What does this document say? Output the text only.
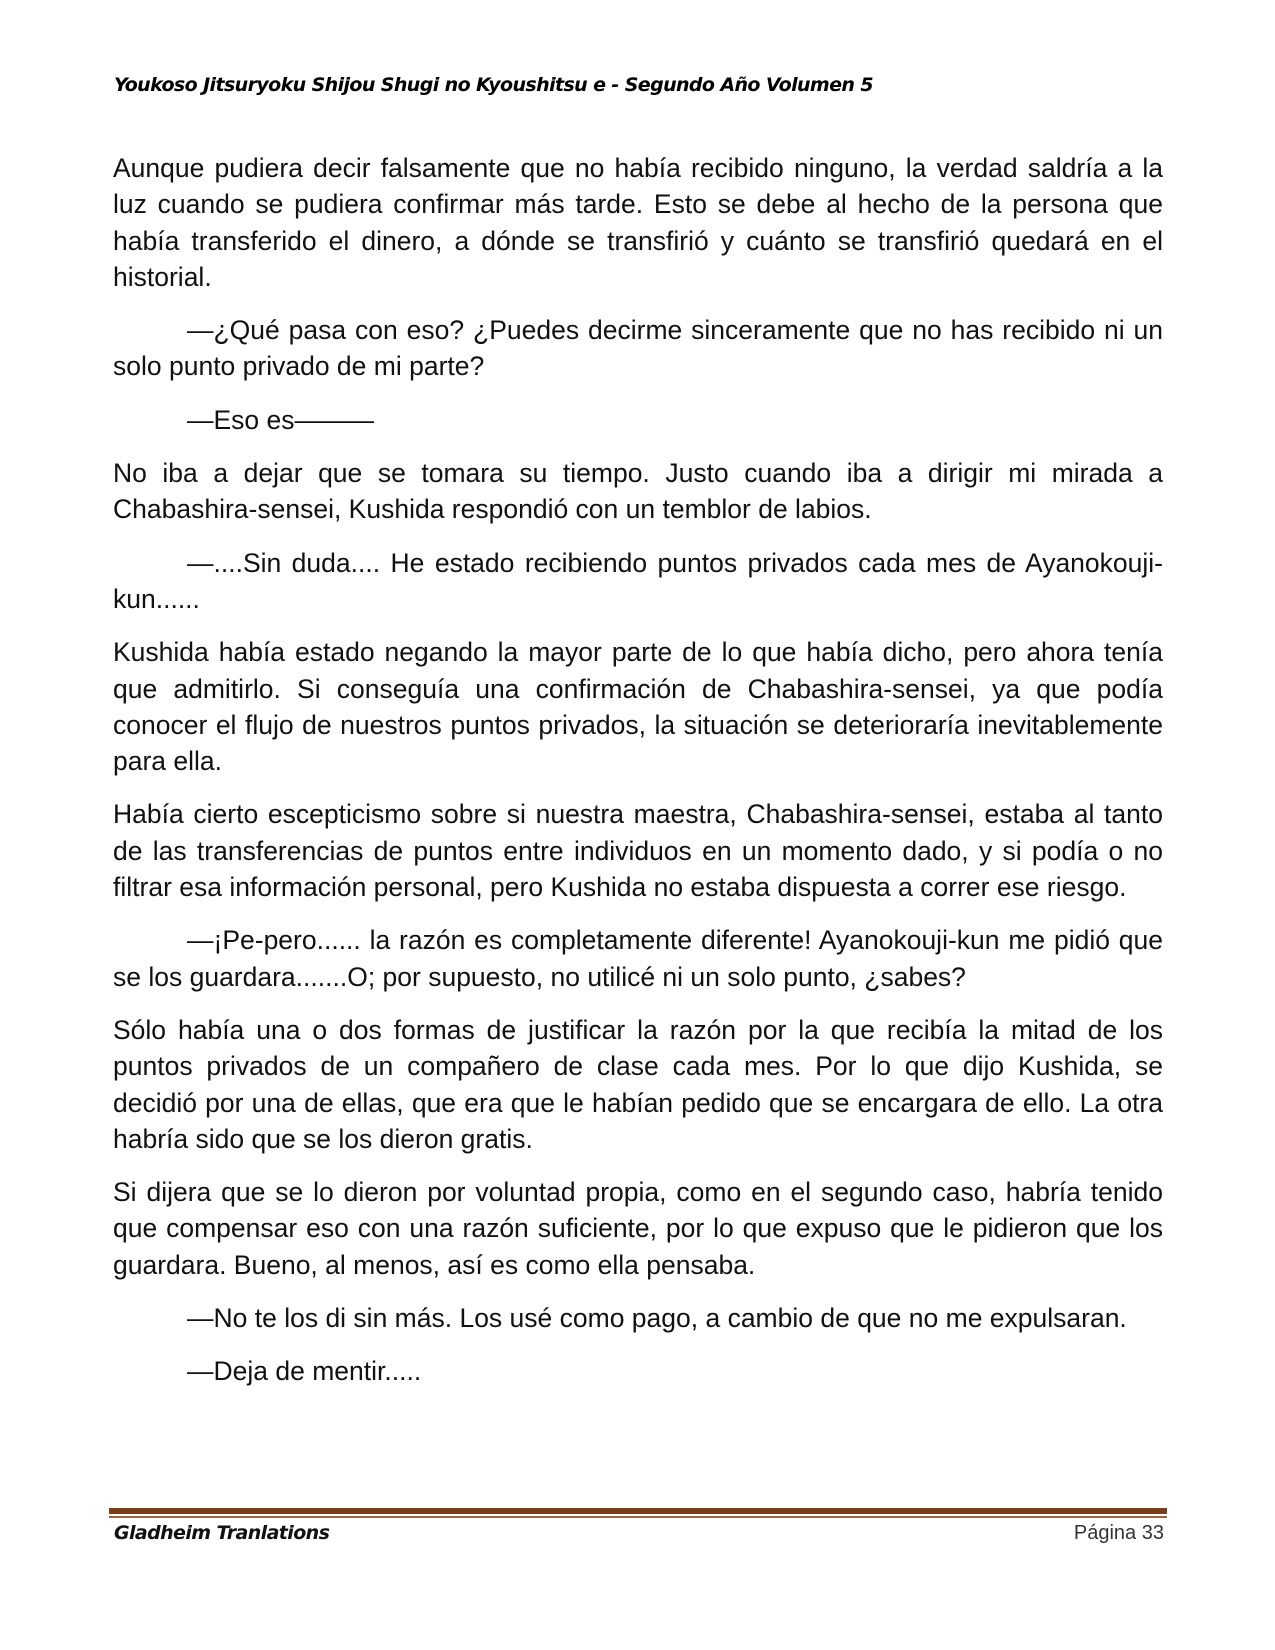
Youkoso Jitsuryoku Shijou Shugi no Kyoushitsu e - Segundo Año Volumen 5

Aunque pudiera decir falsamente que no había recibido ninguno, la verdad saldría a la luz cuando se pudiera confirmar más tarde. Esto se debe al hecho de la persona que había transferido el dinero, a dónde se transfirió y cuánto se transfirió quedará en el historial.

—¿Qué pasa con eso? ¿Puedes decirme sinceramente que no has recibido ni un solo punto privado de mi parte?

—Eso es———

No iba a dejar que se tomara su tiempo. Justo cuando iba a dirigir mi mirada a Chabashira-sensei, Kushida respondió con un temblor de labios.

—....Sin duda.... He estado recibiendo puntos privados cada mes de Ayanokouji-kun......

Kushida había estado negando la mayor parte de lo que había dicho, pero ahora tenía que admitirlo. Si conseguía una confirmación de Chabashira-sensei, ya que podía conocer el flujo de nuestros puntos privados, la situación se deterioraría inevitablemente para ella.

Había cierto escepticismo sobre si nuestra maestra, Chabashira-sensei, estaba al tanto de las transferencias de puntos entre individuos en un momento dado, y si podía o no filtrar esa información personal, pero Kushida no estaba dispuesta a correr ese riesgo.

—¡Pe-pero...... la razón es completamente diferente! Ayanokouji-kun me pidió que se los guardara.......O; por supuesto, no utilicé ni un solo punto, ¿sabes?

Sólo había una o dos formas de justificar la razón por la que recibía la mitad de los puntos privados de un compañero de clase cada mes. Por lo que dijo Kushida, se decidió por una de ellas, que era que le habían pedido que se encargara de ello. La otra habría sido que se los dieron gratis.

Si dijera que se lo dieron por voluntad propia, como en el segundo caso, habría tenido que compensar eso con una razón suficiente, por lo que expuso que le pidieron que los guardara. Bueno, al menos, así es como ella pensaba.

—No te los di sin más. Los usé como pago, a cambio de que no me expulsaran.

—Deja de mentir.....

Gladheim Tranlations	Página 33
